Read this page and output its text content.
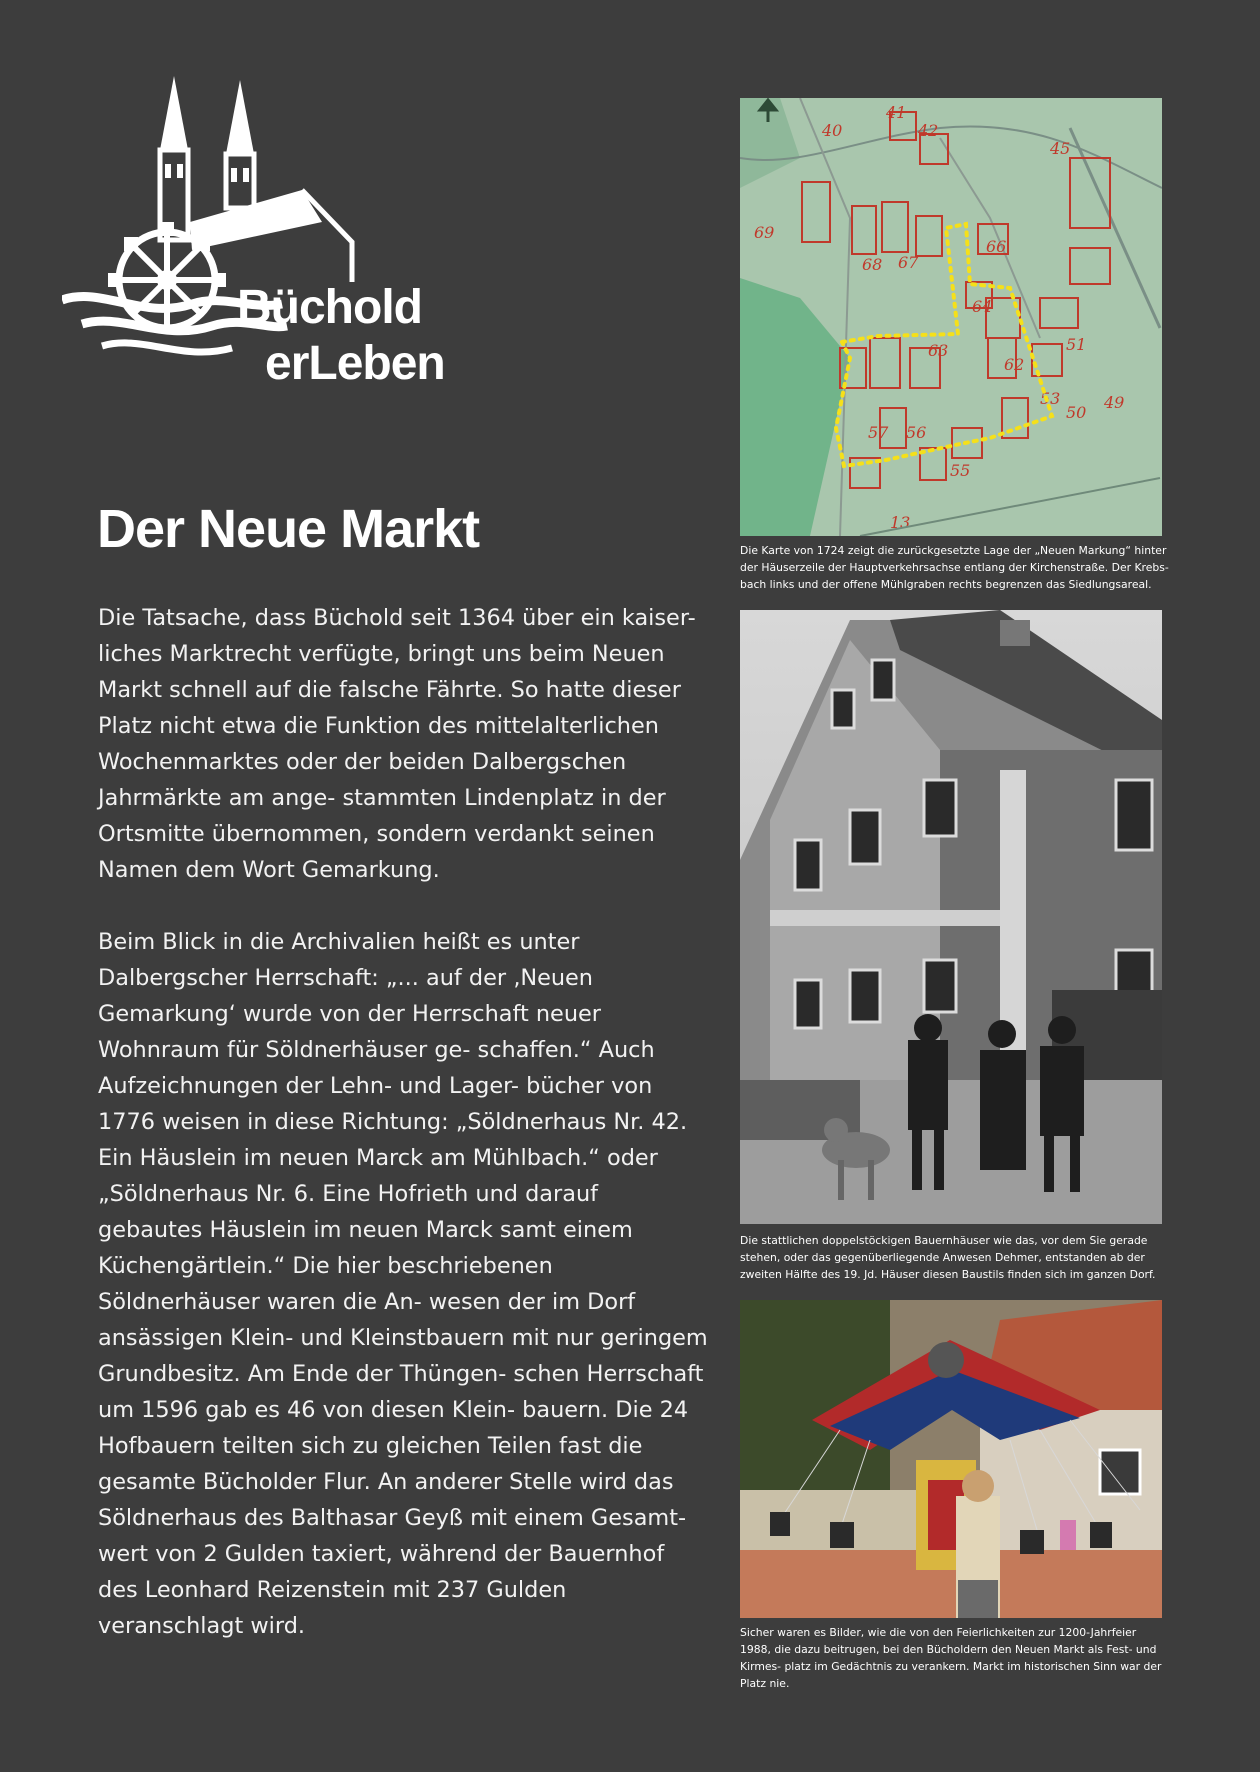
Büchold
erLeben
Der Neue Markt

Die Tatsache, dass Büchold seit 1364 über ein kaiser- liches Marktrecht verfügte, bringt uns beim Neuen Markt schnell auf die falsche Fährte. So hatte dieser Platz nicht etwa die Funktion des mittelalterlichen Wochenmarktes oder der beiden Dalbergschen Jahrmärkte am ange- stammten Lindenplatz in der Ortsmitte übernommen, sondern verdankt seinen Namen dem Wort Gemarkung.

Beim Blick in die Archivalien heißt es unter Dalbergscher Herrschaft: „... auf der ‚Neuen Gemarkung‘ wurde von der Herrschaft neuer Wohnraum für Söldnerhäuser ge- schaffen.“ Auch Aufzeichnungen der Lehn- und Lager- bücher von 1776 weisen in diese Richtung: „Söldnerhaus Nr. 42. Ein Häuslein im neuen Marck am Mühlbach.“ oder „Söldnerhaus Nr. 6. Eine Hofrieth und darauf gebautes Häuslein im neuen Marck samt einem Küchengärtlein.“ Die hier beschriebenen Söldnerhäuser waren die An- wesen der im Dorf ansässigen Klein- und Kleinstbauern mit nur geringem Grundbesitz. Am Ende der Thüngen- schen Herrschaft um 1596 gab es 46 von diesen Klein- bauern. Die 24 Hofbauern teilten sich zu gleichen Teilen fast die gesamte Bücholder Flur. An anderer Stelle wird das Söldnerhaus des Balthasar Geyß mit einem Gesamt- wert von 2 Gulden taxiert, während der Bauernhof des Leonhard Reizenstein mit 237 Gulden veranschlagt wird.

40
41
42
45
69
68 67
66
64
63
62
51
50
49
53
57 56
55
13
Die Karte von 1724 zeigt die zurückgesetzte Lage der „Neuen Markung“ hinter der Häuserzeile der Hauptverkehrsachse entlang der Kirchenstraße. Der Krebs- bach links und der offene Mühlgraben rechts begrenzen das Siedlungsareal.
Die stattlichen doppelstöckigen Bauernhäuser wie das, vor dem Sie gerade stehen, oder das gegenüberliegende Anwesen Dehmer, entstanden ab der zweiten Hälfte des 19. Jd. Häuser diesen Baustils finden sich im ganzen Dorf.
Sicher waren es Bilder, wie die von den Feierlichkeiten zur 1200-Jahrfeier 1988, die dazu beitrugen, bei den Bücholdern den Neuen Markt als Fest- und Kirmes- platz im Gedächtnis zu verankern. Markt im historischen Sinn war der Platz nie.
